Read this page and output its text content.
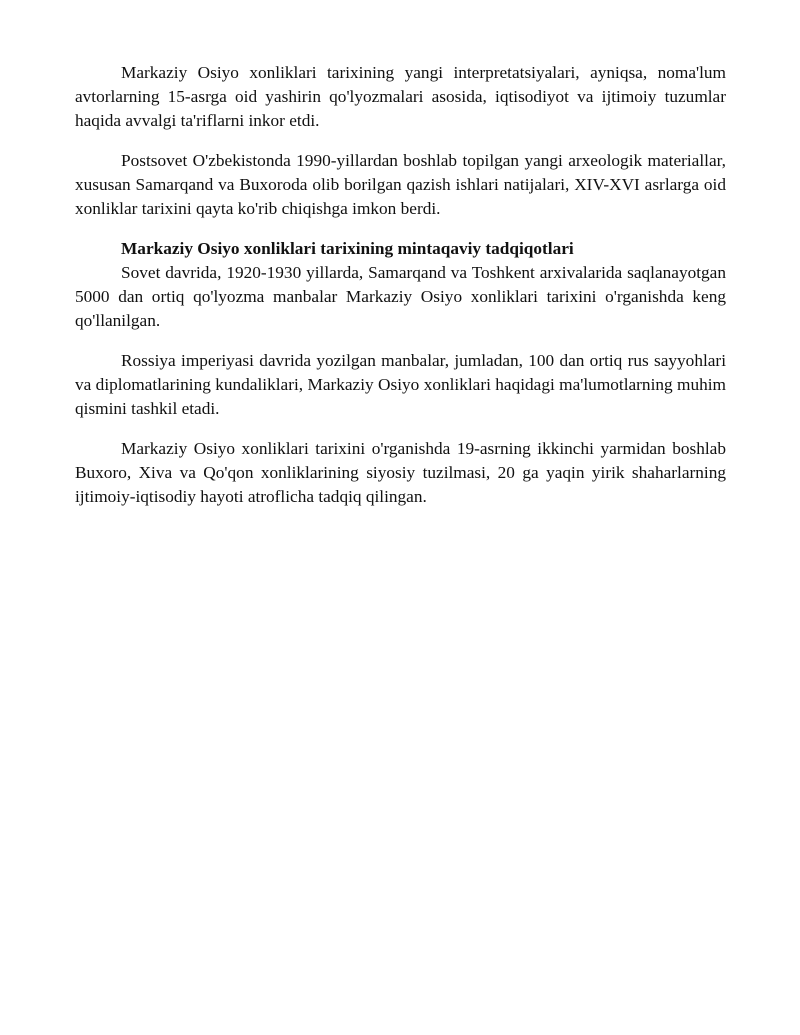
Markaziy Osiyo xonliklari tarixining yangi interpretatsiyalari, ayniqsa, noma'lum avtorlarning 15-asrga oid yashirin qo'lyozmalari asosida, iqtisodiyot va ijtimoiy tuzumlar haqida avvalgi ta'riflarni inkor etdi.

Postsovet O'zbekistonda 1990-yillardan boshlab topilgan yangi arxeologik materiallar, xususan Samarqand va Buxoroda olib borilgan qazish ishlari natijalari, XIV-XVI asrlarga oid xonliklar tarixini qayta ko'rib chiqishga imkon berdi.

Markaziy Osiyo xonliklari tarixining mintaqaviy tadqiqotlari

Sovet davrida, 1920-1930 yillarda, Samarqand va Toshkent arxivalarida saqlanayotgan 5000 dan ortiq qo'lyozma manbalar Markaziy Osiyo xonliklari tarixini o'rganishda keng qo'llanilgan.

Rossiya imperiyasi davrida yozilgan manbalar, jumladan, 100 dan ortiq rus sayyohlari va diplomatlarining kundaliklari, Markaziy Osiyo xonliklari haqidagi ma'lumotlarning muhim qismini tashkil etadi.

Markaziy Osiyo xonliklari tarixini o'rganishda 19-asrning ikkinchi yarmidan boshlab Buxoro, Xiva va Qo'qon xonliklarining siyosiy tuzilmasi, 20 ga yaqin yirik shaharlarning ijtimoiy-iqtisodiy hayoti atroflicha tadqiq qilingan.
